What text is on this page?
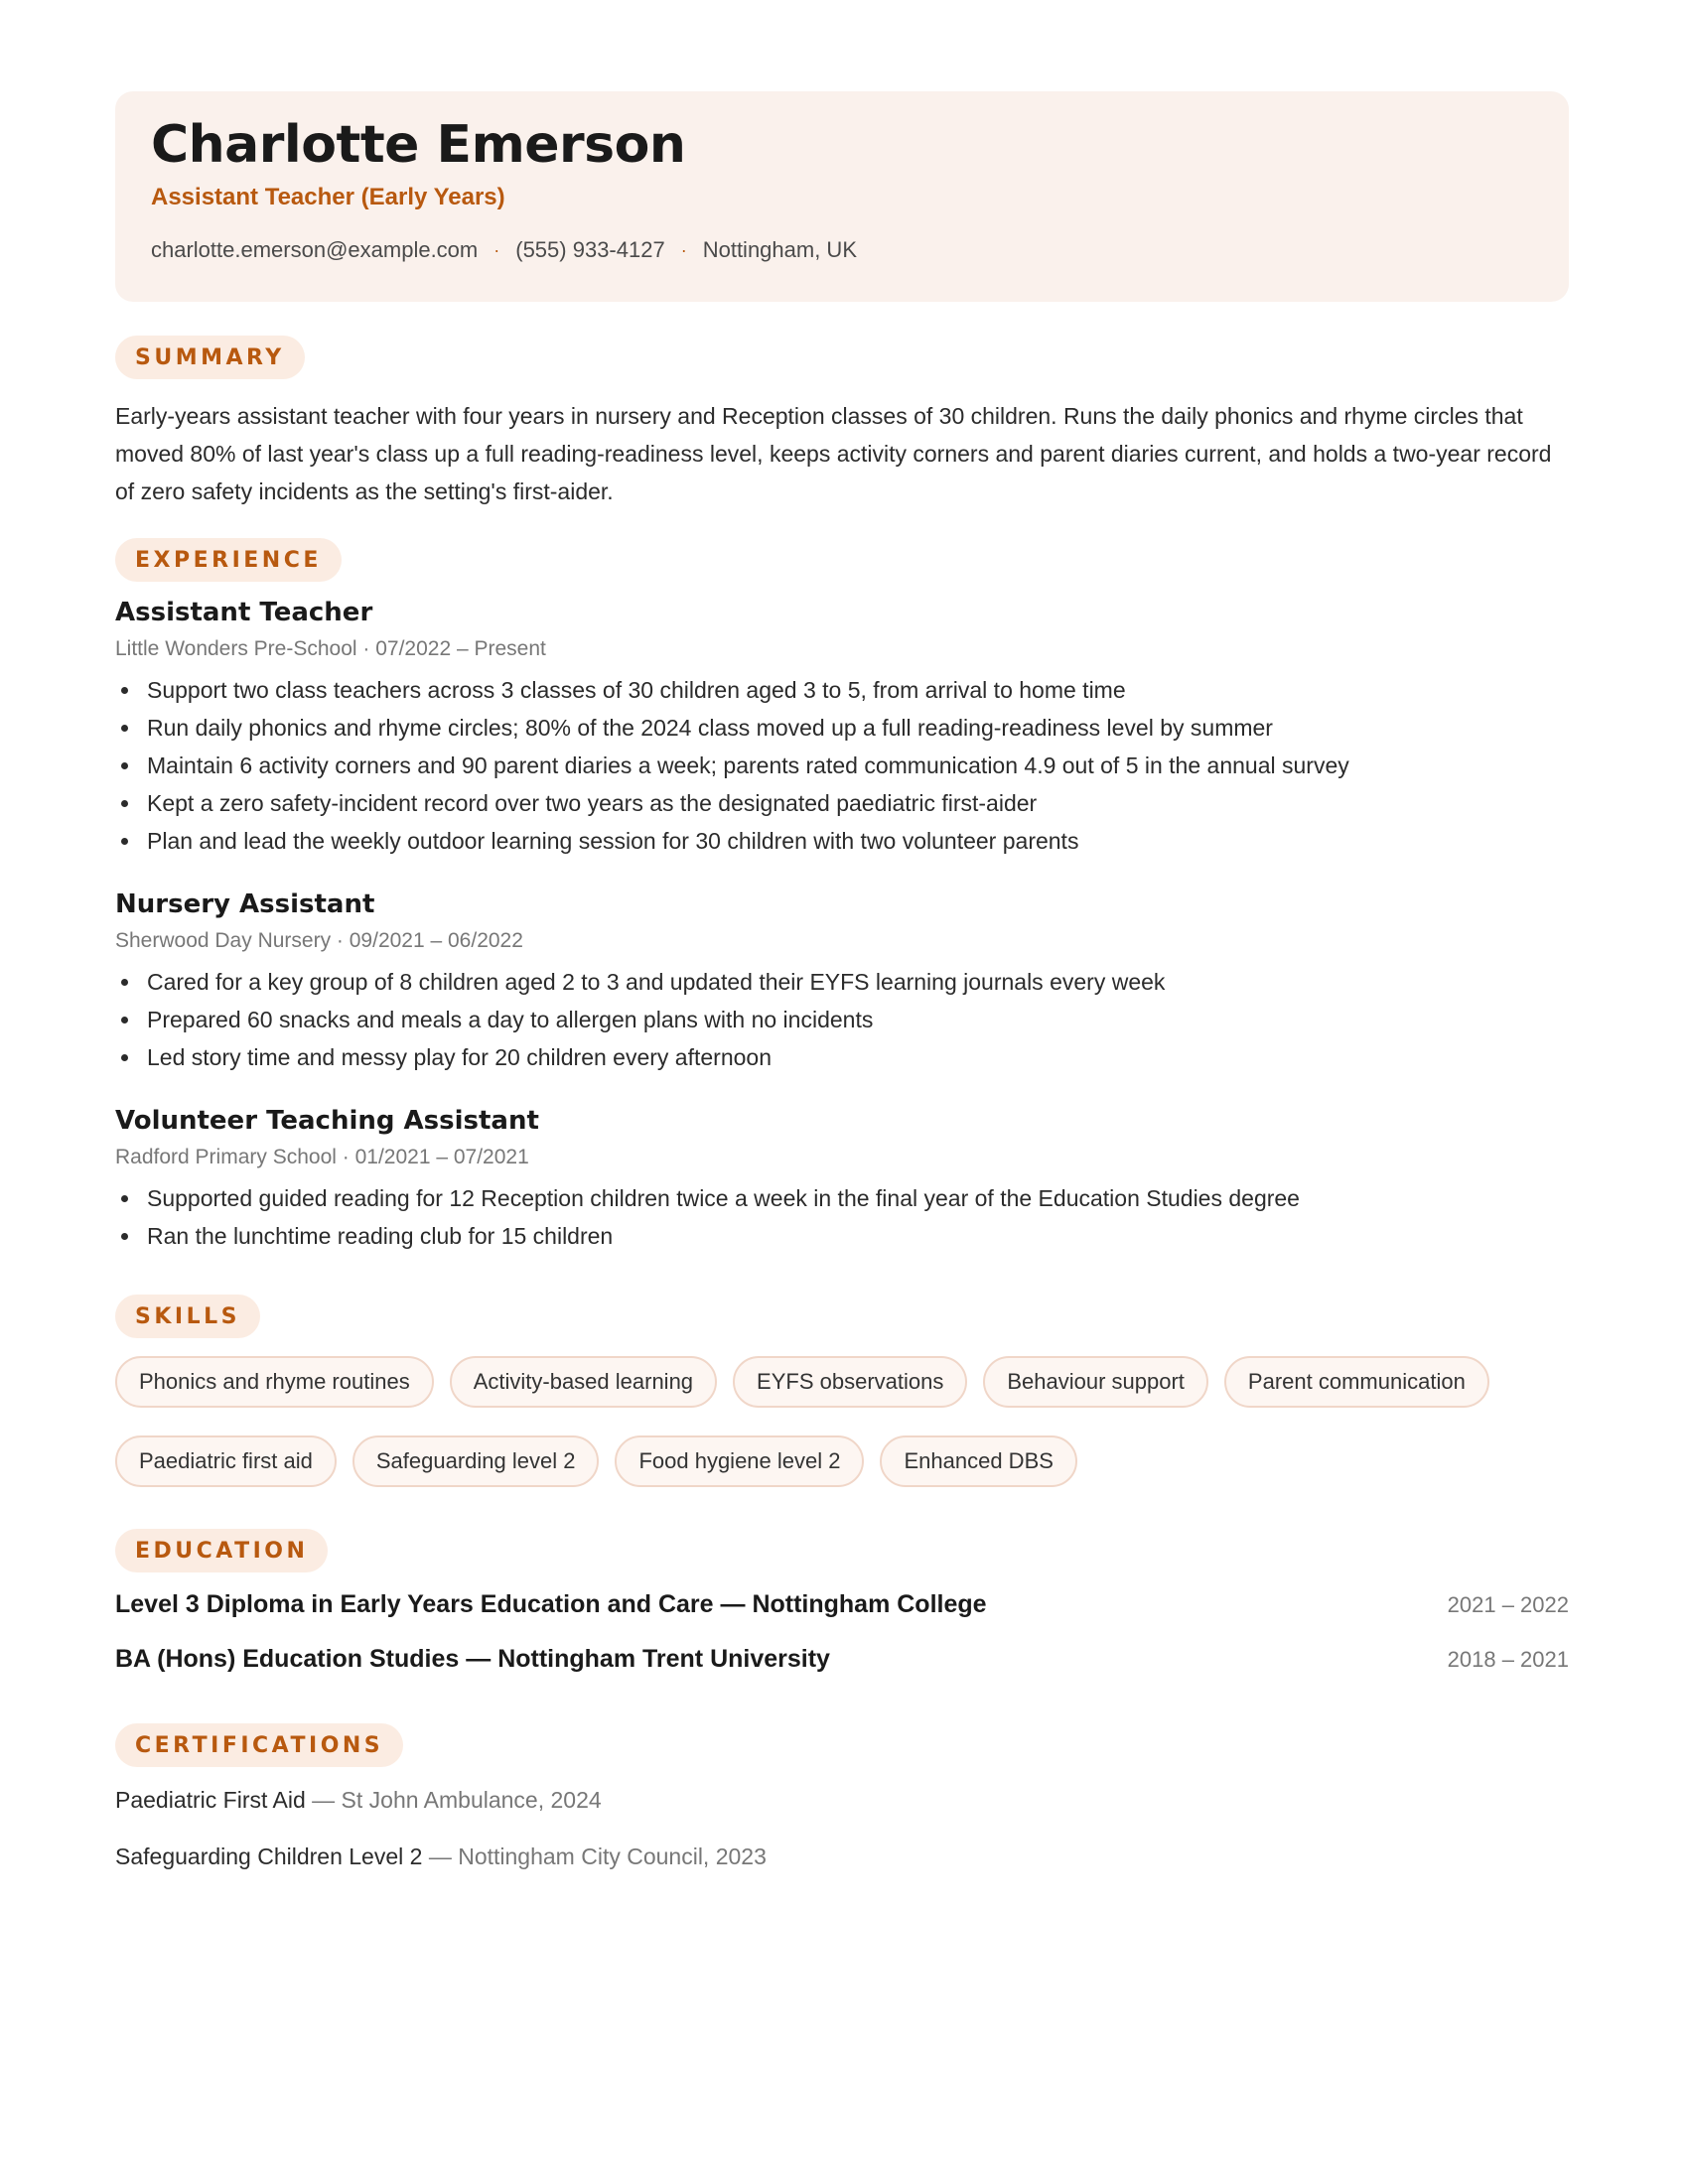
Charlotte Emerson
Assistant Teacher (Early Years)
charlotte.emerson@example.com · (555) 933-4127 · Nottingham, UK
SUMMARY
Early-years assistant teacher with four years in nursery and Reception classes of 30 children. Runs the daily phonics and rhyme circles that moved 80% of last year's class up a full reading-readiness level, keeps activity corners and parent diaries current, and holds a two-year record of zero safety incidents as the setting's first-aider.
EXPERIENCE
Assistant Teacher
Little Wonders Pre-School · 07/2022 – Present
Support two class teachers across 3 classes of 30 children aged 3 to 5, from arrival to home time
Run daily phonics and rhyme circles; 80% of the 2024 class moved up a full reading-readiness level by summer
Maintain 6 activity corners and 90 parent diaries a week; parents rated communication 4.9 out of 5 in the annual survey
Kept a zero safety-incident record over two years as the designated paediatric first-aider
Plan and lead the weekly outdoor learning session for 30 children with two volunteer parents
Nursery Assistant
Sherwood Day Nursery · 09/2021 – 06/2022
Cared for a key group of 8 children aged 2 to 3 and updated their EYFS learning journals every week
Prepared 60 snacks and meals a day to allergen plans with no incidents
Led story time and messy play for 20 children every afternoon
Volunteer Teaching Assistant
Radford Primary School · 01/2021 – 07/2021
Supported guided reading for 12 Reception children twice a week in the final year of the Education Studies degree
Ran the lunchtime reading club for 15 children
SKILLS
Phonics and rhyme routines	Activity-based learning	EYFS observations	Behaviour support	Parent communication
Paediatric first aid	Safeguarding level 2	Food hygiene level 2	Enhanced DBS
EDUCATION
Level 3 Diploma in Early Years Education and Care — Nottingham College	2021 – 2022
BA (Hons) Education Studies — Nottingham Trent University	2018 – 2021
CERTIFICATIONS
Paediatric First Aid — St John Ambulance, 2024
Safeguarding Children Level 2 — Nottingham City Council, 2023
